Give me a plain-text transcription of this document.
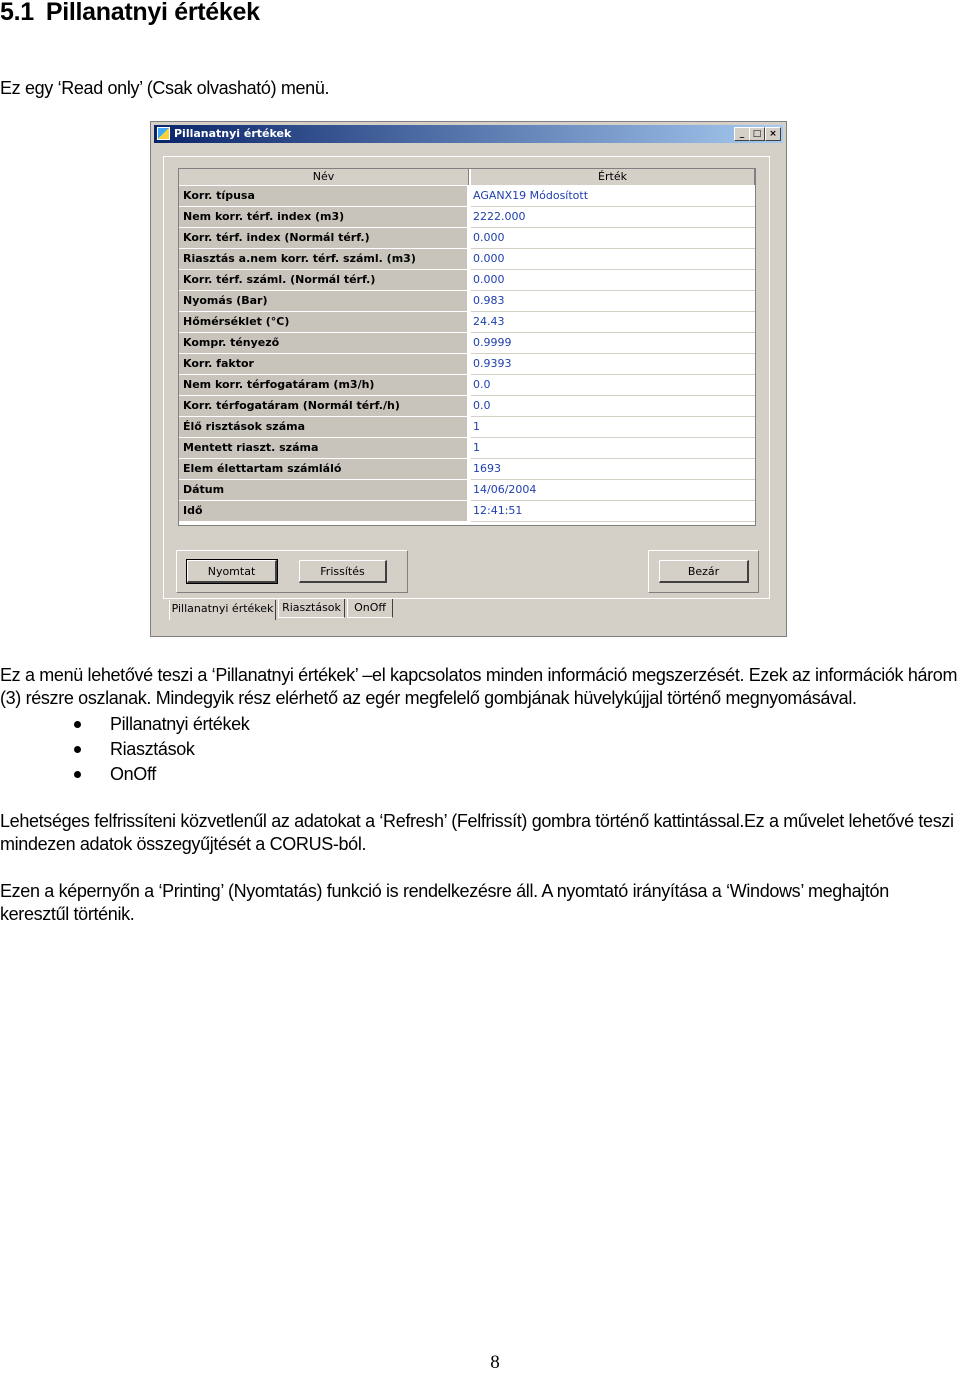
5.1 Pillanatnyi értékek
Ez egy ‘Read only’ (Csak olvasható) menü.
Pillanatnyi értékek	_ □ ×
Név	Érték
Korr. típusa	AGANX19 Módosított
Nem korr. térf. index (m3)	2222.000
Korr. térf. index (Normál térf.)	0.000
Riasztás a.nem korr. térf. száml. (m3)	0.000
Korr. térf. száml. (Normál térf.)	0.000
Nyomás (Bar)	0.983
Hőmérséklet (°C)	24.43
Kompr. tényező	0.9999
Korr. faktor	0.9393
Nem korr. térfogatáram (m3/h)	0.0
Korr. térfogatáram (Normál térf./h)	0.0
Élő risztások száma	1
Mentett riaszt. száma	1
Elem élettartam számláló	1693
Dátum	14/06/2004
Idő	12:41:51
Nyomtat	Frissítés	Bezár
Pillanatnyi értékek Riasztások	OnOff
Ez a menü lehetővé teszi a ‘Pillanatnyi értékek’ –el kapcsolatos minden információ megszerzését. Ezek az információk három (3) részre oszlanak. Mindegyik rész elérhető az egér megfelelő gombjának hüvelykújjal történő megnyomásával.
Pillanatnyi értékek
Riasztások
OnOff
Lehetséges felfrissíteni közvetlenűl az adatokat a ‘Refresh’ (Felfrissít) gombra történő kattintással.Ez a művelet lehetővé teszi mindezen adatok összegyűjtését a CORUS-ból.
Ezen a képernyőn a ‘Printing’ (Nyomtatás) funkció is rendelkezésre áll. A nyomtató irányítása a ‘Windows’ meghajtón keresztűl történik.
8
